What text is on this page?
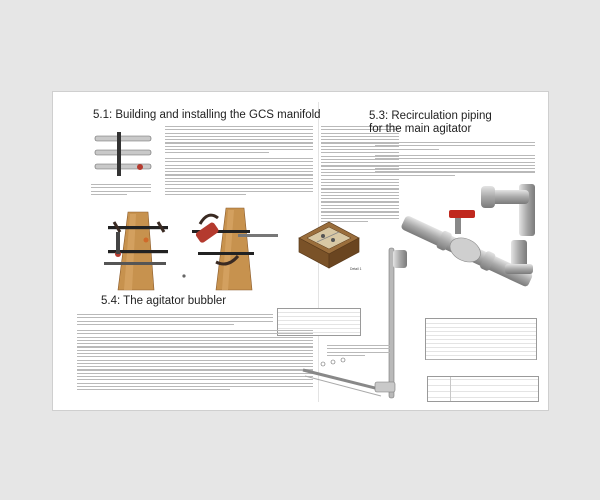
5.1: Building and installing the GCS manifold
Detail 1
5.4: The agitator bubbler
5.3: Recirculation piping
for the main agitator
